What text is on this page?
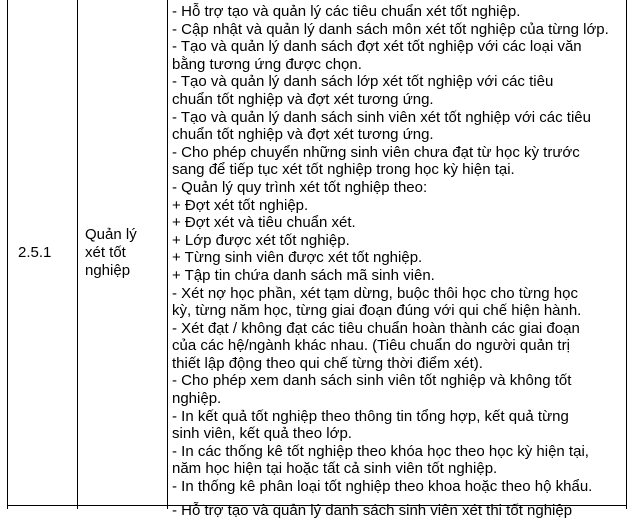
2.5.1
Quản lý
xét tốt
nghiệp
- Hỗ trợ tạo và quản lý các tiêu chuẩn xét tốt nghiệp.
- Cập nhật và quản lý danh sách môn xét tốt nghiệp của từng lớp.
- Tạo và quản lý danh sách đợt xét tốt nghiệp với các loại văn
bằng tương ứng được chọn.
- Tạo và quản lý danh sách lớp xét tốt nghiệp với các tiêu
chuẩn tốt nghiệp và đợt xét tương ứng.
- Tạo và quản lý danh sách sinh viên xét tốt nghiệp với các tiêu
chuẩn tốt nghiệp và đợt xét tương ứng.
- Cho phép chuyển những sinh viên chưa đạt từ học kỳ trước
sang để tiếp tục xét tốt nghiệp trong học kỳ hiện tại.
- Quản lý quy trình xét tốt nghiệp theo:
+ Đợt xét tốt nghiệp.
+ Đợt xét và tiêu chuẩn xét.
+ Lớp được xét tốt nghiệp.
+ Từng sinh viên được xét tốt nghiệp.
+ Tập tin chứa danh sách mã sinh viên.
- Xét nợ học phần, xét tạm dừng, buộc thôi học cho từng học
kỳ, từng năm học, từng giai đoạn đúng với qui chế hiện hành.
- Xét đạt / không đạt các tiêu chuẩn hoàn thành các giai đoạn
của các hệ/ngành khác nhau. (Tiêu chuẩn do người quản trị
thiết lập động theo qui chế từng thời điểm xét).
- Cho phép xem danh sách sinh viên tốt nghiệp và không tốt
nghiệp.
- In kết quả tốt nghiệp theo thông tin tổng hợp, kết quả từng
sinh viên, kết quả theo lớp.
- In các thống kê tốt nghiệp theo khóa học theo học kỳ hiện tại,
năm học hiện tại hoặc tất cả sinh viên tốt nghiệp.
- In thống kê phân loại tốt nghiệp theo khoa hoặc theo hộ khẩu.
- Hỗ trợ tạo và quản lý danh sách sinh viên xét thi tốt nghiệp
